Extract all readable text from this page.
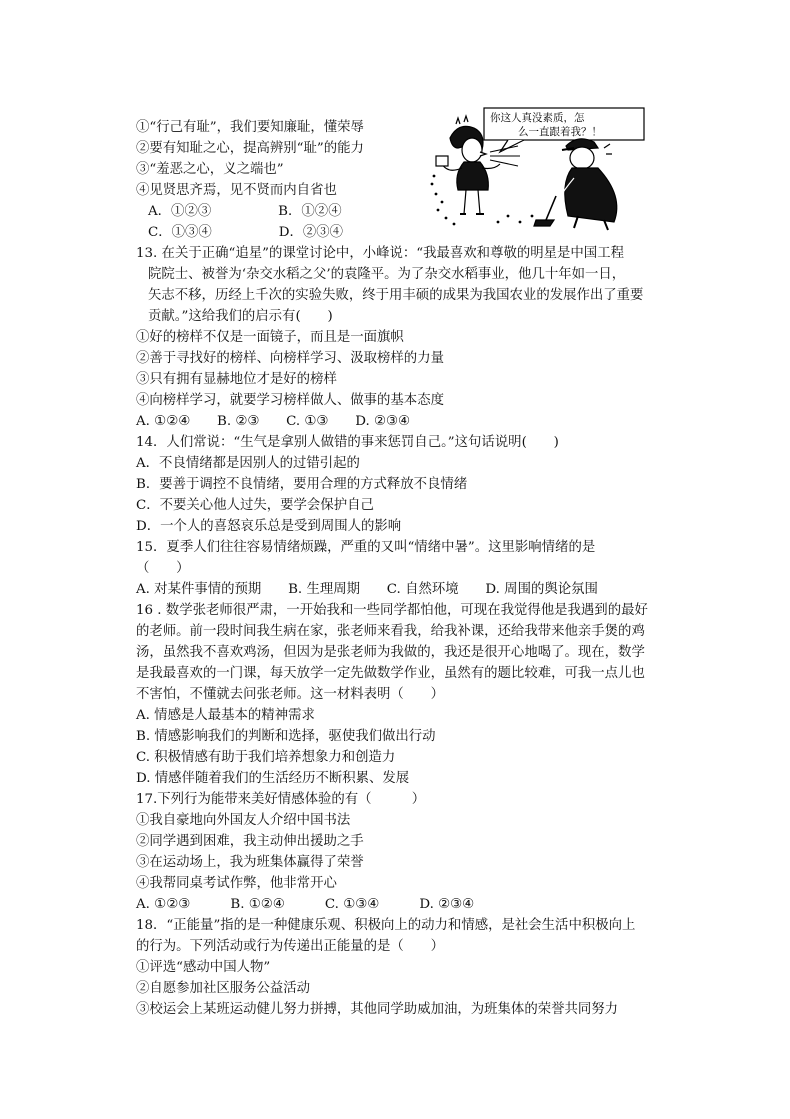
①“行己有耻”，我们要知廉耻，懂荣辱
②要有知耻之心，提高辨别“耻”的能力
③“羞恶之心，义之端也”
④见贤思齐焉，见不贤而内自省也
A．①②③　　　　　B．①②④
C．①③④　　　　　D．②③④
你这人真没素质，怎
么一直跟着我？！
13. 在关于正确“追星”的课堂讨论中，小峰说：“我最喜欢和尊敬的明星是中国工程
院院士、被誉为‘杂交水稻之父’的袁隆平。为了杂交水稻事业，他几十年如一日，
矢志不移，历经上千次的实验失败，终于用丰硕的成果为我国农业的发展作出了重要
贡献。”这给我们的启示有(　　)
①好的榜样不仅是一面镜子，而且是一面旗帜
②善于寻找好的榜样、向榜样学习、汲取榜样的力量
③只有拥有显赫地位才是好的榜样
④向榜样学习，就要学习榜样做人、做事的基本态度
A. ①②④　　B. ②③　　C. ①③　　D. ②③④
14．人们常说：“生气是拿别人做错的事来惩罚自己。”这句话说明(　　)
A．不良情绪都是因别人的过错引起的
B．要善于调控不良情绪，要用合理的方式释放不良情绪
C．不要关心他人过失，要学会保护自己
D．一个人的喜怒哀乐总是受到周围人的影响
15．夏季人们往往容易情绪烦躁，严重的又叫“情绪中暑”。这里影响情绪的是
（　　）
A. 对某件事情的预期　　B. 生理周期　　C. 自然环境　　D. 周围的舆论氛围
16 . 数学张老师很严肃，一开始我和一些同学都怕他，可现在我觉得他是我遇到的最好
的老师。前一段时间我生病在家，张老师来看我，给我补课，还给我带来他亲手煲的鸡
汤，虽然我不喜欢鸡汤，但因为是张老师为我做的，我还是很开心地喝了。现在，数学
是我最喜欢的一门课，每天放学一定先做数学作业，虽然有的题比较难，可我一点儿也
不害怕，不懂就去问张老师。这一材料表明（　　）
A. 情感是人最基本的精神需求
B. 情感影响我们的判断和选择，驱使我们做出行动
C. 积极情感有助于我们培养想象力和创造力
D. 情感伴随着我们的生活经历不断积累、发展
17.下列行为能带来美好情感体验的有（　　　）
①我自豪地向外国友人介绍中国书法
②同学遇到困难，我主动伸出援助之手
③在运动场上，我为班集体赢得了荣誉
④我帮同桌考试作弊，他非常开心
A. ①②③　　　B. ①②④　　　C. ①③④　　　D. ②③④
18．“正能量”指的是一种健康乐观、积极向上的动力和情感，是社会生活中积极向上
的行为。下列活动或行为传递出正能量的是（　　）
①评选“感动中国人物”
②自愿参加社区服务公益活动
③校运会上某班运动健儿努力拼搏，其他同学助威加油，为班集体的荣誉共同努力
